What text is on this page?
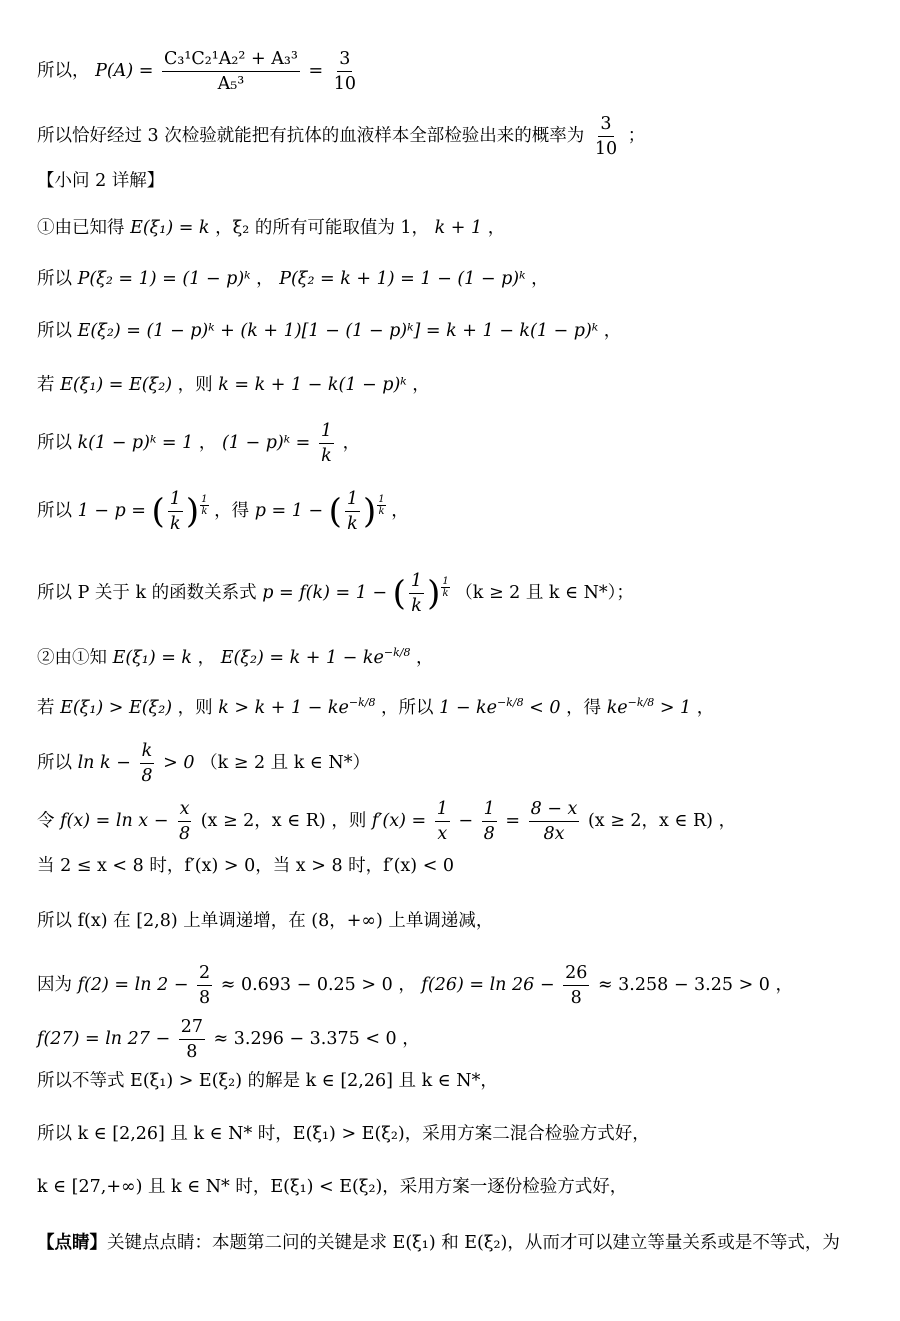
所以， $P(A) = \frac{\text{C₃¹C₂¹A₂² + A₃³}}{\text{A₅³}} = \frac{3}{10}$
所以恰好经过 3 次检验就能把有抗体的血液样本全部检验出来的概率为 $\frac{3}{10}$ ；
【小问 2 详解】
①由已知得 E(ξ₁) = k ，ξ₂ 的所有可能取值为 1， k + 1 ，
所以 P(ξ₂ = 1) = (1 − p)ᵏ ， P(ξ₂ = k + 1) = 1 − (1 − p)ᵏ ，
所以 E(ξ₂) = (1 − p)ᵏ + (k + 1)[1 − (1 − p)ᵏ] = k + 1 − k(1 − p)ᵏ ，
若 E(ξ₁) = E(ξ₂) ，则 k = k + 1 − k(1 − p)ᵏ ，
所以 k(1 − p)ᵏ = 1 ， (1 − p)ᵏ = $\frac{1}{k}$ ，
所以 1 − p = ( $\frac{1}{k}$ ) $\frac{1}{k}$ ，得 p = 1 − ( $\frac{1}{k}$ ) $\frac{1}{k}$ ，
所以 P 关于 k 的函数关系式 p = f(k) = 1 − ( $\frac{1}{k}$ ) $\frac{1}{k} (k \ge 2$ 且 k ∈ N*）；
②由①知 E(ξ₁) = k ， $E(\xi_2) = k + 1 - ke^{-k/8}$ ，
若 E(ξ₁) > E(ξ₂) ，则 $k > k + 1 - ke^{-k/8}$ ，所以 $1 - ke^{-k/8} < 0$ ，得 $ke^{-k/8} > 1$ ，
所以 $\ln k - \frac{k}{8} > 0$ （k ≥ 2 且 k ∈ N*）
令 $f(x) = \ln x - \frac{x}{8} (x \ge 2$，x ∈ R) ，则 $f'(x) = \frac{1}{x} - \frac{1}{8} = \frac{8 - x}{8x} (x \ge 2$，x ∈ R) ，
当 2 ≤ x < 8 时，f′(x) > 0，当 x > 8 时，f′(x) < 0
所以 f(x) 在 [2,8) 上单调递增，在 (8，+∞) 上单调递减，
因为 $f(2) = \ln 2 - \frac{2}{8} \approx 0.693 - 0.25 > 0$ ， $f(26) = \ln 26 - \frac{26}{8} \approx 3.258 - 3.25 > 0$ ，
$f(27) = \ln 27 - \frac{27}{8} \approx 3.296 - 3.375 < 0$ ，
所以不等式 E(ξ₁) > E(ξ₂) 的解是 k ∈ [2,26] 且 k ∈ N*，
所以 k ∈ [2,26] 且 k ∈ N* 时，E(ξ₁) > E(ξ₂)，采用方案二混合检验方式好，
k ∈ [27,+∞) 且 k ∈ N* 时，E(ξ₁) < E(ξ₂)，采用方案一逐份检验方式好，
【点睛】关键点点睛：本题第二问的关键是求 E(ξ₁) 和 E(ξ₂)，从而才可以建立等量关系或是不等式，为
